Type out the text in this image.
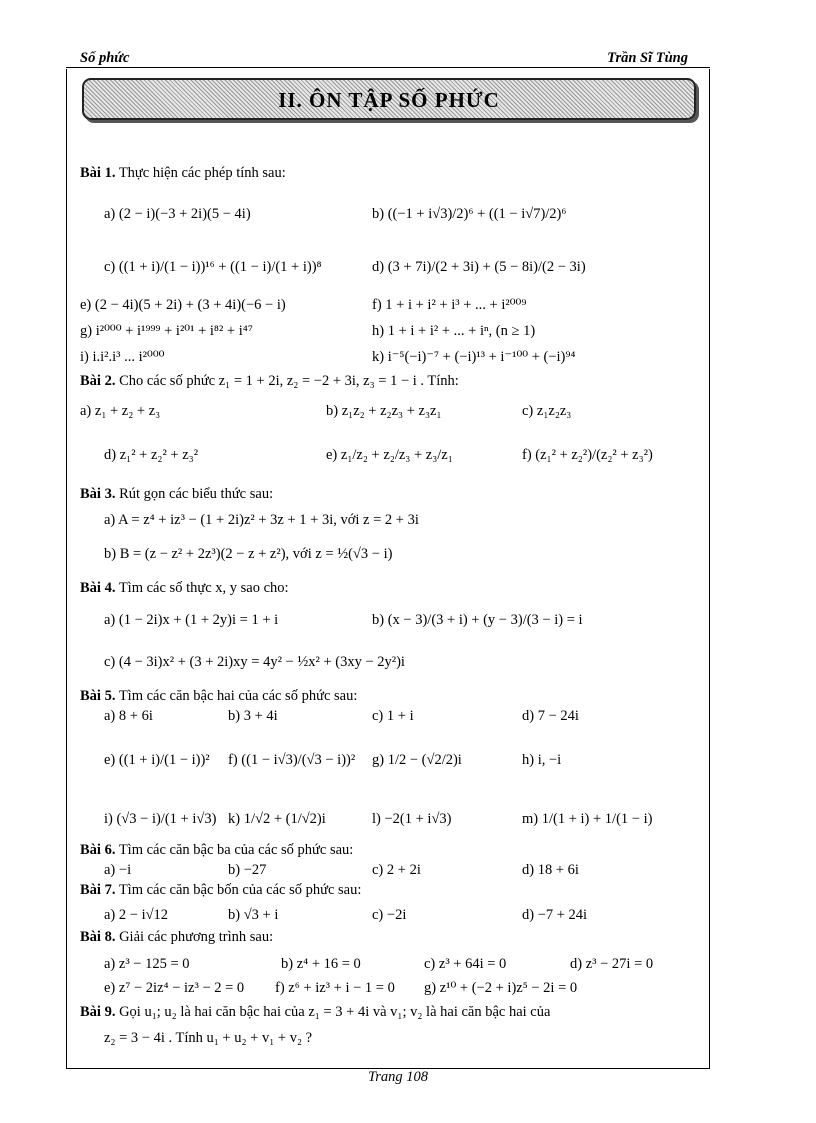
Số phức	Trần Sĩ Tùng
II. ÔN TẬP SỐ PHỨC
Bài 1. Thực hiện các phép tính sau:
a) (2 − i)(−3 + 2i)(5 − 4i)	b) ((−1 + i√3)/2)⁶ + ((1 − i√7)/2)⁶
c) ((1 + i)/(1 − i))¹⁶ + ((1 − i)/(1 + i))⁸	d) (3 + 7i)/(2 + 3i) + (5 − 8i)/(2 − 3i)
e) (2 − 4i)(5 + 2i) + (3 + 4i)(−6 − i)	f) 1 + i + i² + i³ + ... + i²⁰⁰⁹
g) i²⁰⁰⁰ + i¹⁹⁹⁹ + i²⁰¹ + i⁸² + i⁴⁷	h) 1 + i + i² + ... + iⁿ, (n ≥ 1)
i) i.i².i³ ... i²⁰⁰⁰	k) i⁻⁵(−i)⁻⁷ + (−i)¹³ + i⁻¹⁰⁰ + (−i)⁹⁴
Bài 2. Cho các số phức z₁ = 1 + 2i, z₂ = −2 + 3i, z₃ = 1 − i . Tính:
a) z₁ + z₂ + z₃	b) z₁z₂ + z₂z₃ + z₃z₁	c) z₁z₂z₃
d) z₁² + z₂² + z₃²	e) z₁/z₂ + z₂/z₃ + z₃/z₁	f) (z₁² + z₂²)/(z₂² + z₃²)
Bài 3. Rút gọn các biểu thức sau:
a) A = z⁴ + iz³ − (1 + 2i)z² + 3z + 1 + 3i, với z = 2 + 3i
b) B = (z − z² + 2z³)(2 − z + z²), với z = ½(√3 − i)
Bài 4. Tìm các số thực x, y sao cho:
a) (1 − 2i)x + (1 + 2y)i = 1 + i	b) (x − 3)/(3 + i) + (y − 3)/(3 − i) = i
c) (4 − 3i)x² + (3 + 2i)xy = 4y² − ½x² + (3xy − 2y²)i
Bài 5. Tìm các căn bậc hai của các số phức sau:
a) 8 + 6i	b) 3 + 4i	c) 1 + i	d) 7 − 24i
e) ((1 + i)/(1 − i))² f) ((1 − i√3)/(√3 − i))² g) 1/2 − (√2/2)i	h) i, −i
i) (√3 − i)/(1 + i√3) k) 1/√2 + (1/√2)i	l) −2(1 + i√3)	m) 1/(1 + i) + 1/(1 − i)
Bài 6. Tìm các căn bậc ba của các số phức sau:
a) −i	b) −27	c) 2 + 2i	d) 18 + 6i
Bài 7. Tìm các căn bậc bốn của các số phức sau:
a) 2 − i√12	b) √3 + i	c) −2i	d) −7 + 24i
Bài 8. Giải các phương trình sau:
a) z³ − 125 = 0	b) z⁴ + 16 = 0	c) z³ + 64i = 0	d) z³ − 27i = 0
e) z⁷ − 2iz⁴ − iz³ − 2 = 0 f) z⁶ + iz³ + i − 1 = 0 g) z¹⁰ + (−2 + i)z⁵ − 2i = 0
Bài 9. Gọi u₁; u₂ là hai căn bậc hai của z₁ = 3 + 4i và v₁; v₂ là hai căn bậc hai của
z₂ = 3 − 4i . Tính u₁ + u₂ + v₁ + v₂ ?
Trang 108
